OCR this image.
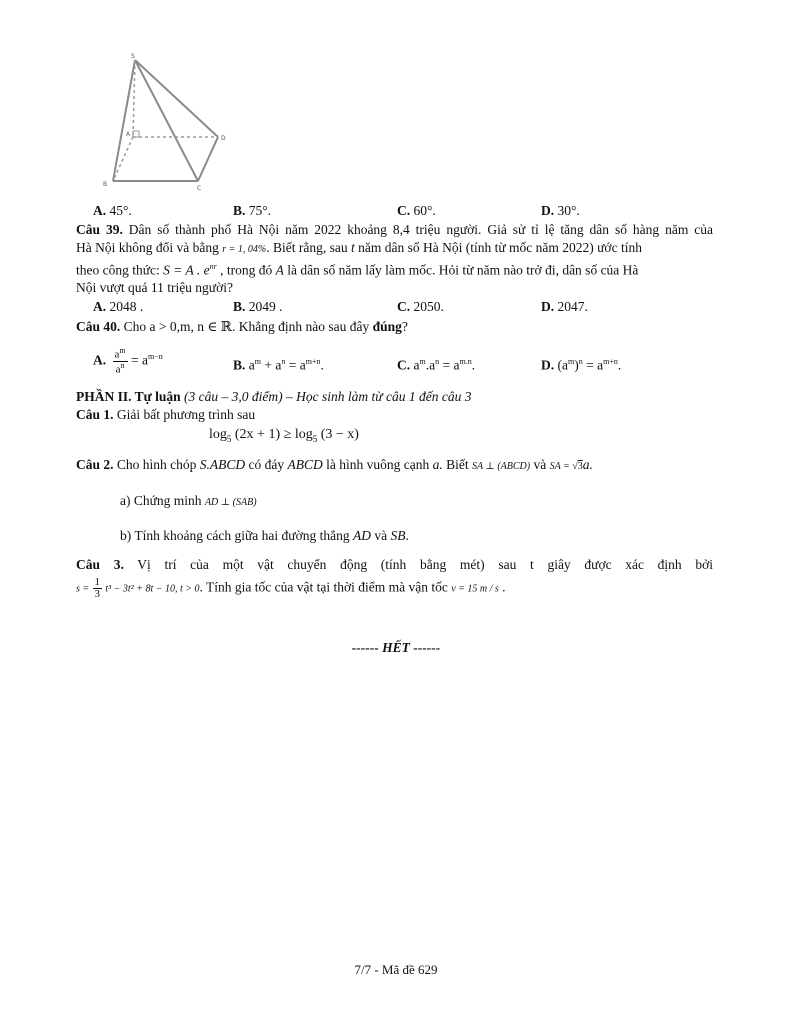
S
A
B
C
D
A. 45°.	B. 75°.	C. 60°.	D. 30°.
Câu 39. Dân số thành phố Hà Nội năm 2022 khoảng 8,4 triệu người. Giả sử tỉ lệ tăng dân số hàng năm của
Hà Nội không đổi và bằng r = 1, 04%. Biết rằng, sau t năm dân số Hà Nội (tính từ mốc năm 2022) ước tính
theo công thức: S = A . $e^{nr}$ , trong đó A là dân số năm lấy làm mốc. Hỏi từ năm nào trở đi, dân số của Hà
Nội vượt quá 11 triệu người?
A. 2048 .	B. 2049 .	C. 2050.	D. 2047.
Câu 40. Cho a > 0,m, n ∈ ℝ. Khẳng định nào sau đây đúng?
A. $\frac{a^m}{a^n} = a^{m-n}$
B. $a^m + a^n = a^{m+n}$.	C. $a^m.a^n = a^{m.n}$.	D. $(a^m)^n = a^{m+n}$.
PHẦN II. Tự luận (3 câu – 3,0 điểm) – Học sinh làm từ câu 1 đến câu 3
Câu 1. Giải bất phương trình sau
$\log_5 (2x + 1) \ge \log_5 (3 - x)$
Câu 2. Cho hình chóp S.ABCD có đáy ABCD là hình vuông cạnh a. Biết SA ⊥ (ABCD) và SA = √3a.
a) Chứng minh AD ⊥ (SAB)
b) Tính khoảng cách giữa hai đường thẳng AD và SB.
Câu 3. Vị trí của một vật chuyển động (tính bằng mét) sau t giây được xác định bởi
$s = \frac{1}{3} t^3 - 3t^2 + 8t - 10$, t > 0. Tính gia tốc của vật tại thời điểm mà vận tốc v = 15 m / s .
------ HẾT ------
7/7 - Mã đề 629
